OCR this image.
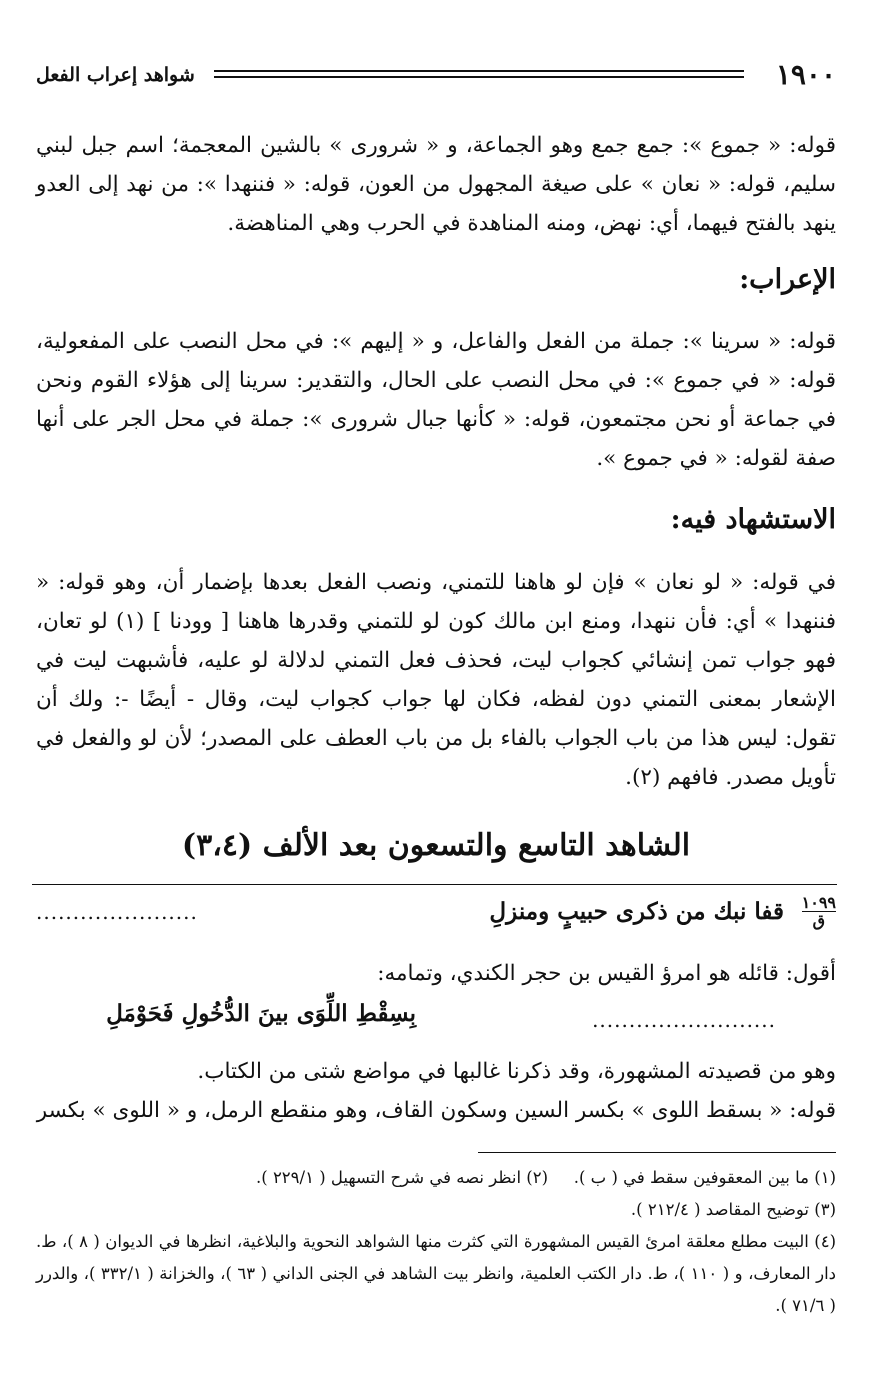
١٩٠٠
شواهد إعراب الفعل

قوله: « جموع »: جمع جمع وهو الجماعة، و « شرورى » بالشين المعجمة؛ اسم جبل لبني سليم، قوله: « نعان » على صيغة المجهول من العون، قوله: « فننهدا »: من نهد إلى العدو ينهد بالفتح فيهما، أي: نهض، ومنه المناهدة في الحرب وهي المناهضة.

الإعراب:

قوله: « سرينا »: جملة من الفعل والفاعل، و « إليهم »: في محل النصب على المفعولية، قوله: « في جموع »: في محل النصب على الحال، والتقدير: سرينا إلى هؤلاء القوم ونحن في جماعة أو نحن مجتمعون، قوله: « كأنها جبال شرورى »: جملة في محل الجر على أنها صفة لقوله: « في جموع ».

الاستشهاد فيه:

في قوله: « لو نعان » فإن لو هاهنا للتمني، ونصب الفعل بعدها بإضمار أن، وهو قوله: « فننهدا » أي: فأن ننهدا، ومنع ابن مالك كون لو للتمني وقدرها هاهنا [ وودنا ] (١) لو تعان، فهو جواب تمن إنشائي كجواب ليت، فحذف فعل التمني لدلالة لو عليه، فأشبهت ليت في الإشعار بمعنى التمني دون لفظه، فكان لها جواب كجواب ليت، وقال - أيضًا -: ولك أن تقول: ليس هذا من باب الجواب بالفاء بل من باب العطف على المصدر؛ لأن لو والفعل في تأويل مصدر. فافهم (٢).

الشاهد التاسع والتسعون بعد الألف (٣،٤)
١٠٩٩
ق
قفا نبك من ذكرى حبيبٍ ومنزلِ
......................

أقول: قائله هو امرؤ القيس بن حجر الكندي، وتمامه:

بِسِقْطِ اللِّوَى بينَ الدُّخُولِ فَحَوْمَلِ	.........................

وهو من قصيدته المشهورة، وقد ذكرنا غالبها في مواضع شتى من الكتاب.

قوله: « بسقط اللوى » بكسر السين وسكون القاف، وهو منقطع الرمل، و « اللوى » بكسر

(١) ما بين المعقوفين سقط في ( ب ).
(٢) انظر نصه في شرح التسهيل ( ٢٢٩/١ ).
(٣) توضيح المقاصد ( ٢١٢/٤ ).
(٤) البيت مطلع معلقة امرئ القيس المشهورة التي كثرت منها الشواهد النحوية والبلاغية، انظرها في الديوان ( ٨ )، ط. دار المعارف، و ( ١١٠ )، ط. دار الكتب العلمية، وانظر بيت الشاهد في الجنى الداني ( ٦٣ )، والخزانة ( ٣٣٢/١ )، والدرر ( ٧١/٦ ).
